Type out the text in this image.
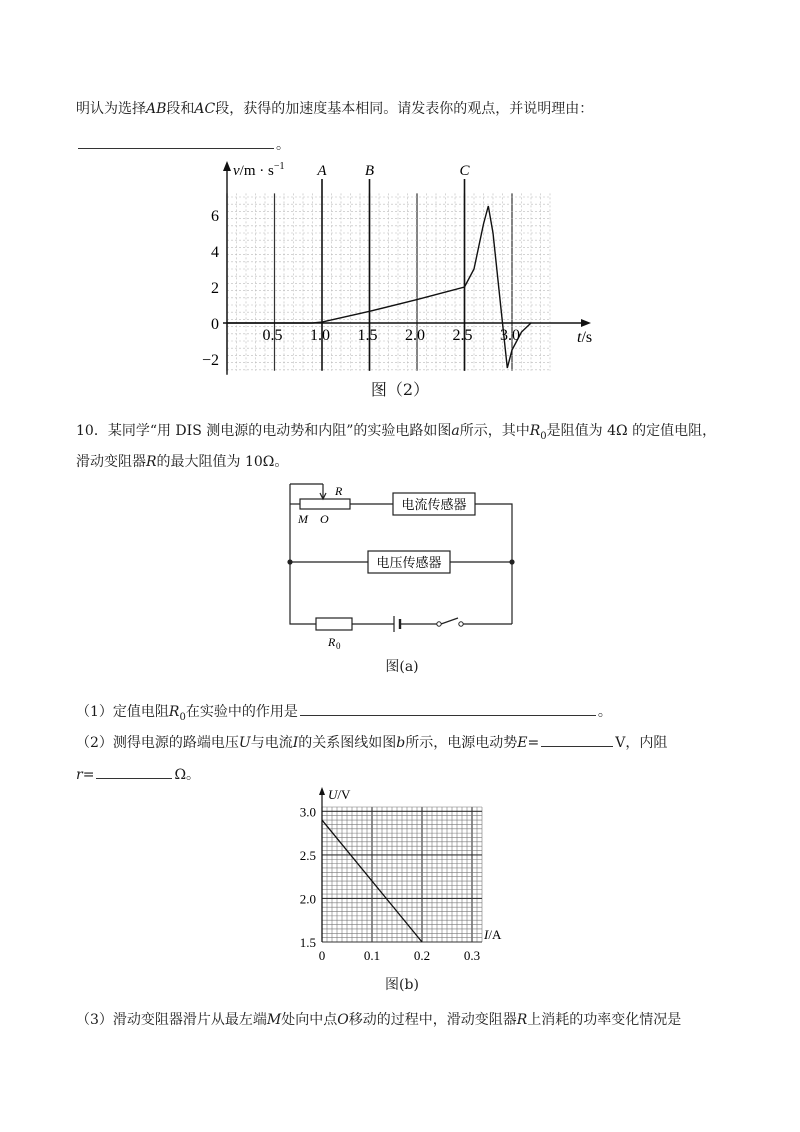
明认为选择AB段和AC段，获得的加速度基本相同。请发表你的观点，并说明理由：
。
A	B	C
6
4
2
0
−2
0.5 1.0 1.5 2.0 2.5 3.0
$v/m \cdot s^{-1}$
t/s
图（2）
10．某同学“用 DIS 测电源的电动势和内阻”的实验电路如图a所示，其中$R_0$是阻值为 4Ω 的定值电阻，
滑动变阻器R的最大阻值为 10Ω。
电流传感器
电压传感器
R
M O
R 0
图(a)
（1）定值电阻$R_0$在实验中的作用是	。
（2）测得电源的路端电压U与电流I的关系图线如图b所示，电源电动势E=	V，内阻
r=	Ω。
3.0
2.5
2.0
1.5
0	0.1	0.2	0.3
U/V
I/A
图(b)
（3）滑动变阻器滑片从最左端M处向中点O移动的过程中，滑动变阻器R上消耗的功率变化情况是
